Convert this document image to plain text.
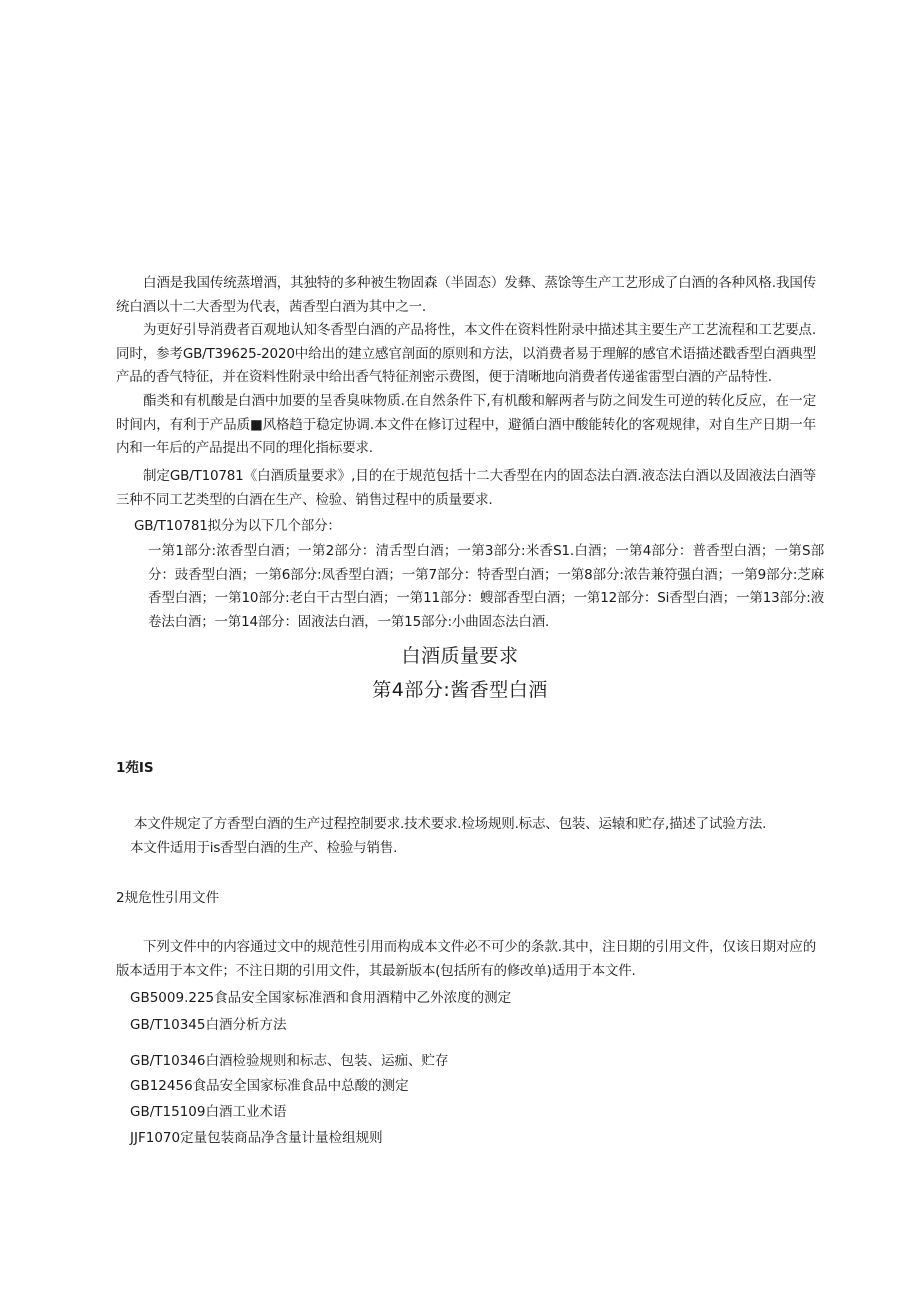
白酒是我国传统蒸增酒，其独特的多种被生物固森（半固态）发彝、蒸馀等生产工艺形成了白酒的各种风格.我国传统白酒以十二大香型为代表，茜香型白酒为其中之一.

为更好引导消费者百观地认知冬香型白酒的产品将性，本文件在资料性附录中描述其主要生产工艺流程和工艺要点.同时，参考GB/T39625-2020中给出的建立感官剖面的原则和方法，以消费者易于理解的感官术语描述戳香型白酒典型产品的香气特征，并在资料性附录中给出香气特征剂密示费图，便于清晰地向消费者传递雀雷型白酒的产品特性.

酯类和有机酸是白酒中加要的呈香臭味物质.在自然条件下,有机酸和解两者与防之间发生可逆的转化反应，在一定时间内，有利于产品质■风格趋于稳定协调.本文件在修订过程中，避循白酒中酸能转化的客观规律，对自生产日期一年内和一年后的产品提出不同的理化指标要求.

制定GB/T10781《白酒质量要求》,目的在于规范包括十二大香型在内的固态法白酒.液态法白酒以及固液法白酒等三种不同工艺类型的白酒在生产、检验、销售过程中的质量要求.

GB/T10781拟分为以下几个部分：

一第1部分:浓香型白酒；一第2部分：清舌型白酒；一第3部分:米香S1.白酒；一第4部分：普香型白酒；一第S部分：豉香型白酒；一第6部分:凤香型白酒；一第7部分：特香型白酒；一第8部分:浓告兼符强白酒；一第9部分:芝麻香型白酒；一第10部分:老白干古型白酒；一第11部分：螋部香型白酒；一第12部分：Si香型白酒；一第13部分:液卷法白酒；一第14部分：固液法白酒，一第15部分:小曲固态法白酒.

白酒质量要求
第4部分:酱香型白酒
1苑IS

本文件规定了方香型白酒的生产过程控制要求.技术要求.检场规则.标志、包装、运辕和贮存,描述了试验方法.

本文件适用于is香型白酒的生产、检验与销售.

2规危性引用文件

下列文件中的内容通过文中的规范性引用而构成本文件必不可少的条款.其中，注日期的引用文件，仅该日期对应的版本适用于本文件；不注日期的引用文件，其最新版本(包括所有的修改单)适用于本文件.

GB5009.225食品安全国家标准酒和食用酒精中乙外浓度的测定
GB/T10345白酒分析方法
GB/T10346白酒检验规则和标志、包装、运痂、贮存
GB12456食品安全国家标准食品中总酸的测定
GB/T15109白酒工业术语
JJF1070定量包装商品净含量计量检组规则
